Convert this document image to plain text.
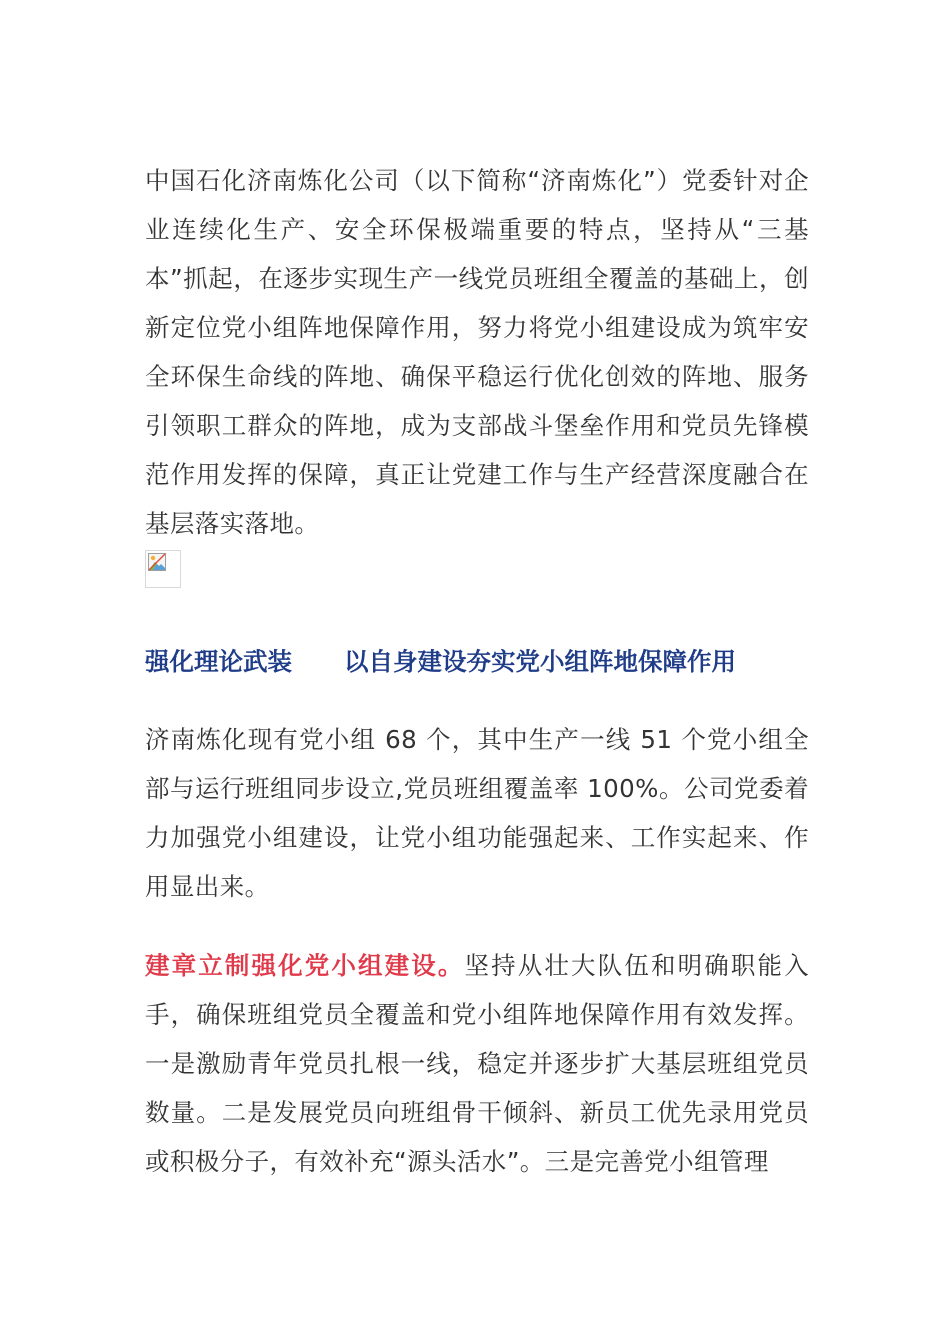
中国石化济南炼化公司（以下简称“济南炼化”）党委针对企业连续化生产、安全环保极端重要的特点，坚持从“三基本”抓起，在逐步实现生产一线党员班组全覆盖的基础上，创新定位党小组阵地保障作用，努力将党小组建设成为筑牢安全环保生命线的阵地、确保平稳运行优化创效的阵地、服务引领职工群众的阵地，成为支部战斗堡垒作用和党员先锋模范作用发挥的保障，真正让党建工作与生产经营深度融合在基层落实落地。

强化理论武装 以自身建设夯实党小组阵地保障作用

济南炼化现有党小组 68 个，其中生产一线 51 个党小组全部与运行班组同步设立,党员班组覆盖率 100%。公司党委着力加强党小组建设，让党小组功能强起来、工作实起来、作用显出来。

建章立制强化党小组建设。坚持从壮大队伍和明确职能入手，确保班组党员全覆盖和党小组阵地保障作用有效发挥。一是激励青年党员扎根一线，稳定并逐步扩大基层班组党员数量。二是发展党员向班组骨干倾斜、新员工优先录用党员或积极分子，有效补充“源头活水”。三是完善党小组管理
